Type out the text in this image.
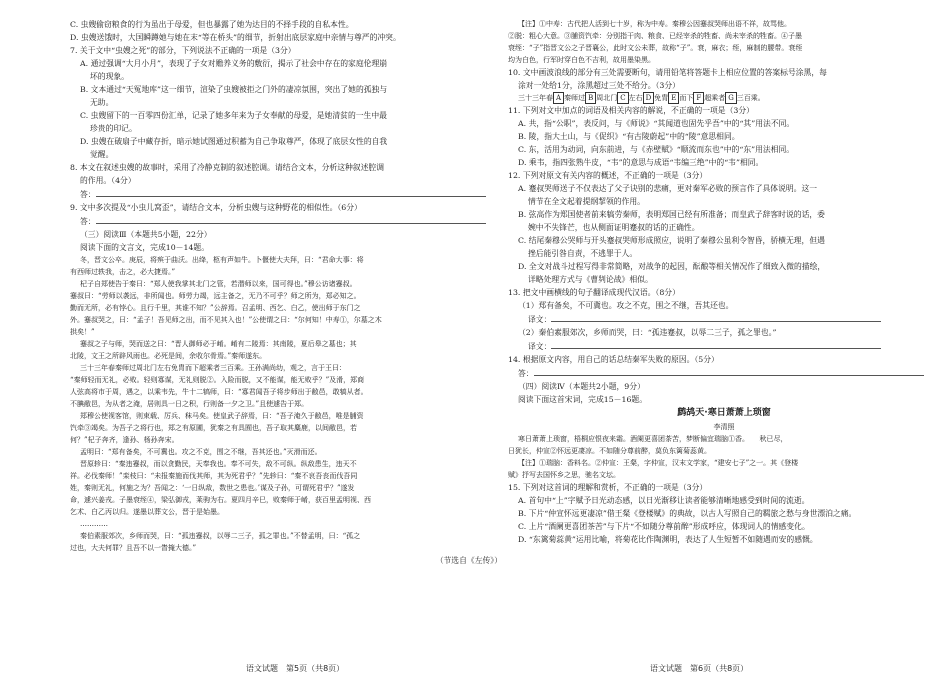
C. 虫嫂偷窃粮食的行为虽出于母爱，但也暴露了她为达目的不择手段的自私本性。

D. 虫嫂送饿时，大国瞬蹲她与她在末“等在桥头”的细节，折射出底层家庭中亲情与尊严的冲突。

7. 关于文中“虫嫂之死”的部分，下列说法不正确的一项是（3分）

A. 通过强调“大月小月”，表现了子女对赡养义务的敷衍，揭示了社会中存在的家庭伦理崩

坏的现象。

B. 文本通过“天冤地库”这一细节，渲染了虫嫂被拒之门外的凄凉氛围，突出了她的孤独与

无助。

C. 虫嫂留下的一百零四份汇单，记录了她多年来为子女奉献的母爱，是她清贫的一生中最

珍贵的印记。

D. 虫嫂在破扇子中藏存折，暗示她试图通过积蓄为自己争取尊严，体现了底层女性的自我

觉醒。

8. 本文在叙述虫嫂的故事时，采用了冷静克制的叙述腔调。请结合文本，分析这种叙述腔调

的作用。（4分）

答：

9. 文中多次提及“小虫儿窝歪”，请结合文本，分析虫嫂与这种野花的相似性。（6分）

答：

（三）阅读Ⅲ（本题共5小题，22分）

阅读下面的文言文，完成10－14题。

冬，晋文公卒。庚辰，将殡于曲沃。出绛，柩有声如牛。卜偃使大夫拜，曰：“君命大事：将

有西师过轶我，击之，必大捷焉。”

杞子自郑使告于秦曰：“郑人使我掌其北门之管，若潜师以来，国可得也。”穆公访诸蹇叔。

蹇叔曰：“劳师以袭远，非所闻也。师劳力竭，远主备之，无乃不可乎？师之所为，郑必知之。

勤而无所，必有悖心。且行千里，其谁不知？”公辞焉。召孟明、西乞、白乙，使出师于东门之

外。蹇叔哭之，曰：“孟子！吾见师之出，而不见其入也！”公使谓之曰：“尔何知！中寿①，尔墓之木

拱矣！”

蹇叔之子与师，哭而送之曰：“晋人御师必于崤。崤有二陵焉：其南陵，夏后皋之墓也；其

北陵，文王之所辟风雨也。必死是间，余收尔骨焉。”秦师遂东。

三十三年春秦师过周北门左右免胄而下超乘者三百乘。王孙满尚幼，观之，言于王曰：

“秦师轻而无礼，必败。轻则寡谋，无礼则脱②。入险而脱，又不能谋，能无败乎？”及滑，郑商

人弦高将市于周，遇之，以乘韦先，牛十二犒师，曰：“寡君闻吾子将步师出于敝邑，敢犒从者。

不腆敝邑，为从者之淹，居则具一日之积，行则备一夕之卫。”且使遽告于郑。

郑穆公使视客馆，则束载、厉兵、秣马矣。使皇武子辞焉，曰：“吾子淹久于敝邑，唯是脯资

饩牵③竭矣。为吾子之将行也，郑之有原圃，犹秦之有具囿也，吾子取其麋鹿，以间敝邑，若

何？”杞子奔齐，逢孙、杨孙奔宋。

孟明曰：“郑有备矣，不可冀也。攻之不克，围之不继，吾其还也。”灭滑而还。

晋原轸曰：“秦违蹇叔，而以贪勤民，天奉我也。奉不可失，敌不可纵。纵敌患生，违天不

祥。必伐秦师！”栾枝曰：“未报秦施而伐其师，其为死君乎？”先轸曰：“秦不哀吾丧而伐吾同

姓，秦则无礼，何施之为？吾闻之：‘一日纵敌，数世之患也。’谋及子孙，可谓死君乎？”遂发

命，遽兴姜戎。子墨衰绖④，梁弘御戎，莱驹为右。夏四月辛巳，败秦师于崤，获百里孟明视、西

乞术、白乙丙以归。遂墨以葬文公，晋于是始墨。

…………

秦伯素服郊次，乡师而哭，曰：“孤违蹇叔，以辱二三子，孤之罪也。”不替孟明，曰：“孤之

过也，大夫何罪？且吾不以一眚掩大德。”

（节选自《左传》）

【注】①中寿：古代把人活到七十岁，称为中寿。秦穆公因蹇叔哭师出语不祥，故骂他。

②脱：粗心大意。③脯资饩牵：分别指干肉、粮食、已经宰杀的牲畜、尚未宰杀的牲畜。④子墨

衰绖：“子”指晋文公之子晋襄公，此时文公未葬，故称“子”。衰，麻衣；绖，麻制的腰带。衰绖

均为白色，行军时穿白色不吉利，故用墨染黑。

10. 文中画波浪线的部分有三处需要断句，请用铅笔将答题卡上相应位置的答案标号涂黑，每

涂对一处给1分，涂黑超过三处不给分。（3分）

三十三年春 A 秦师过 B 周北门 C 左右 D 免胄 E 而下 F 超乘者 G 三百乘。

11. 下列对文中加点的词语及相关内容的解说，不正确的一项是（3分）

A. 共，指“公职”，表反问，与《师说》“其闻道也固先乎吾”中的“其”用法不同。

B. 陵，指大土山，与《促织》“有古陵蔚起”中的“陵”意思相同。

C. 东，活用为动词，向东前进，与《赤壁赋》“顺流而东也”中的“东”用法相同。

D. 乘韦，指四张熟牛皮，“韦”的意思与成语“韦编三绝”中的“韦”相同。

12. 下列对原文有关内容的概述，不正确的一项是（3分）

A. 蹇叔哭师送子不仅表达了父子诀别的悲痛，更对秦军必败的预言作了具体说明。这一

情节在全文起着提纲挈领的作用。

B. 弦高作为郑国使者前来犒劳秦师，表明郑国已经有所准备；而皇武子辞客时说的话，委

婉中不失锋芒，也从侧面证明蹇叔的话的正确性。

C. 结尾秦穆公哭师与开头蹇叔哭师形成照应，说明了秦穆公虽利令智昏，骄横无理，但遇

挫后能引咎自责，不逃罪于人。

D. 全文对战斗过程写得非常简略，对战争的起因，酝酿等相关情况作了细致入微的描绘，

详略处理方式与《曹刿论战》相似。

13. 把文中画横线的句子翻译成现代汉语。（8分）

（1）郑有备矣，不可冀也。攻之不克，围之不继，吾其还也。

译文：

（2）秦伯素服郊次，乡师而哭，曰：“孤违蹇叔，以辱二三子，孤之罪也。”

译文：

14. 根据原文内容，用自己的话总结秦军失败的原因。（5分）

答：

（四）阅读Ⅳ（本题共2小题，9分）

阅读下面这首宋词，完成15－16题。

鹧鸪天·寒日萧萧上琐窗

李清照

寒日萧萧上琐窗，梧桐应恨夜来霜。酒阑更喜团茶苦，梦断偏宜瑞脑①香。　　秋已尽，

日犹长，仲宣②怀远更凄凉。不如随分尊前醉，莫负东篱菊蕊黄。

【注】①瑞脑：香料名。②仲宣：王粲，字仲宣，汉末文学家，“建安七子”之一。其《登楼

赋》抒写去国怀乡之思，驰名文坛。

15. 下列对这首词的理解和赏析，不正确的一项是（3分）

A. 首句中“上”字赋予日光动态感，以日光渐移让读者能够清晰地感受到时间的流逝。

B. 下片“仲宣怀远更凄凉”借王粲《登楼赋》的典故，以古人写照自己的羁旅之愁与身世漂泊之痛。

C. 上片“酒阑更喜团茶苦”与下片“不如随分尊前醉”形成呼应，体现词人的情感变化。

D. “东篱菊蕊黄”运用比喻，将菊花比作陶渊明，表达了人生短暂不如随遇而安的感慨。

语文试题　第5页（共8页）	语文试题　第6页（共8页）
